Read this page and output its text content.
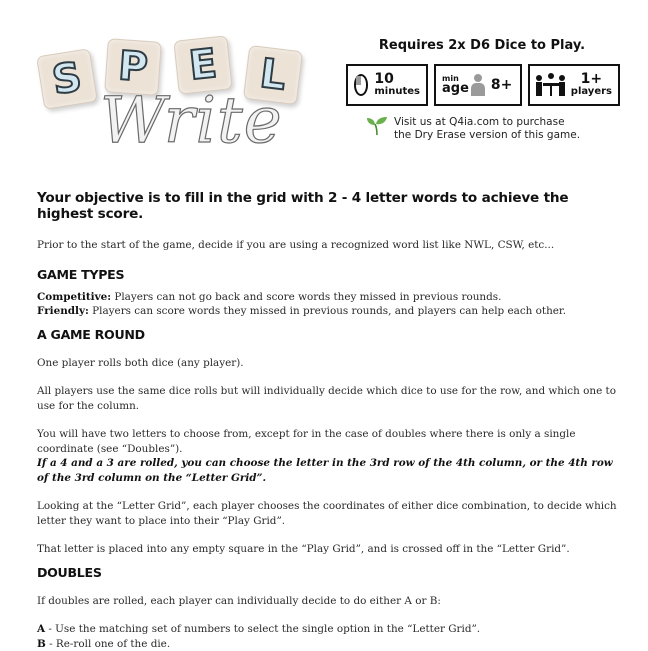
S P E L
Write
Requires 2x D6 Dice to Play.
10
minutes
min
age 8+	1+
players
Visit us at Q4ia.com to purchase
the Dry Erase version of this game.
Your objective is to fill in the grid with 2 - 4 letter words to achieve the highest score.

Prior to the start of the game, decide if you are using a recognized word list like NWL, CSW, etc...

GAME TYPES

Competitive: Players can not go back and score words they missed in previous rounds.

Friendly: Players can score words they missed in previous rounds, and players can help each other.

A GAME ROUND

One player rolls both dice (any player).

All players use the same dice rolls but will individually decide which dice to use for the row, and which one to use for the column.

You will have two letters to choose from, except for in the case of doubles where there is only a single coordinate (see “Doubles”).

If a 4 and a 3 are rolled, you can choose the letter in the 3rd row of the 4th column, or the 4th row of the 3rd column on the “Letter Grid”.

Looking at the “Letter Grid”, each player chooses the coordinates of either dice combination, to decide which letter they want to place into their “Play Grid”.

That letter is placed into any empty square in the “Play Grid”, and is crossed off in the “Letter Grid”.

DOUBLES

If doubles are rolled, each player can individually decide to do either A or B:

A - Use the matching set of numbers to select the single option in the “Letter Grid”.

B - Re-roll one of the die.
